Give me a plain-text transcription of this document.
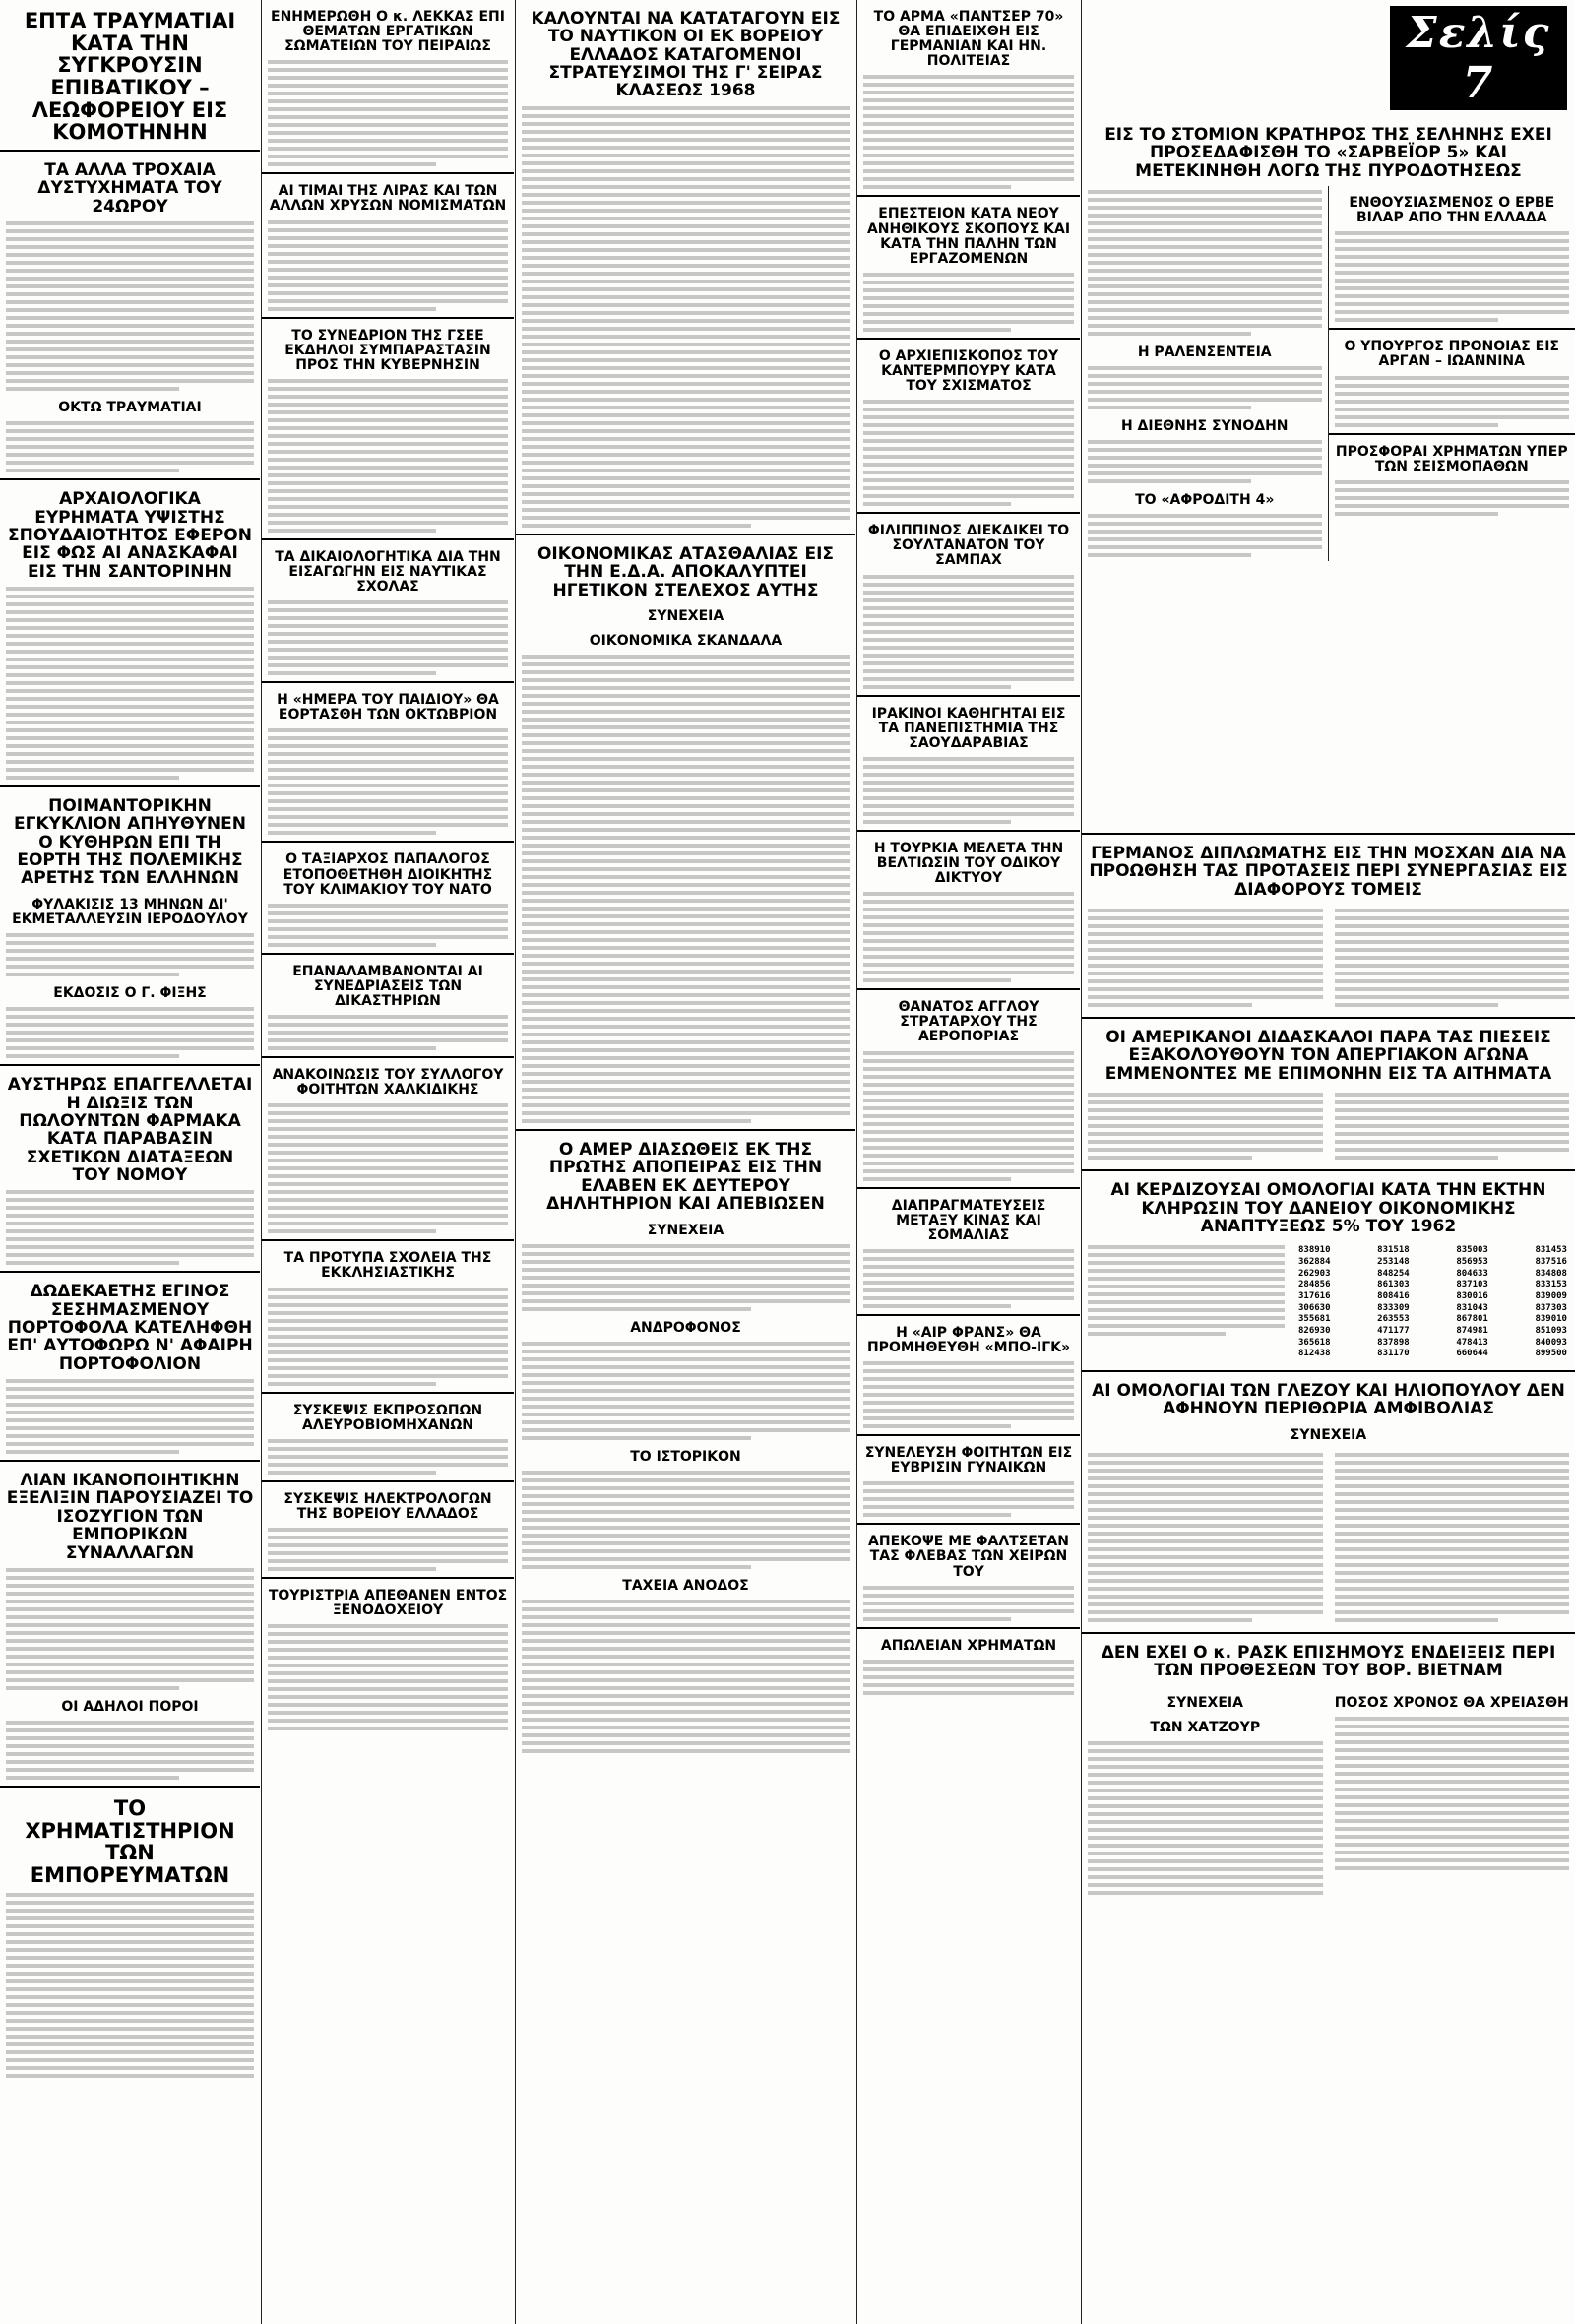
ΕΠΤΑ ΤΡΑΥΜΑΤΙΑΙ ΚΑΤΑ ΤΗΝ ΣΥΓΚΡΟΥΣΙΝ ΕΠΙΒΑΤΙΚΟΥ – ΛΕΩΦΟΡΕΙΟΥ ΕΙΣ ΚΟΜΟΤΗΝΗΝ
ΤΑ ΑΛΛΑ ΤΡΟΧΑΙΑ ΔΥΣΤΥΧΗΜΑΤΑ ΤΟΥ 24ΩΡΟΥ
ΟΚΤΩ ΤΡΑΥΜΑΤΙΑΙ
ΑΡΧΑΙΟΛΟΓΙΚΑ ΕΥΡΗΜΑΤΑ ΥΨΙΣΤΗΣ ΣΠΟΥΔΑΙΟΤΗΤΟΣ ΕΦΕΡΟΝ ΕΙΣ ΦΩΣ ΑΙ ΑΝΑΣΚΑΦΑΙ ΕΙΣ ΤΗΝ ΣΑΝΤΟΡΙΝΗΝ
ΠΟΙΜΑΝΤΟΡΙΚΗΝ ΕΓΚΥΚΛΙΟΝ ΑΠΗΥΘΥΝΕΝ Ο ΚΥΘΗΡΩΝ ΕΠΙ ΤΗ ΕΟΡΤΗ ΤΗΣ ΠΟΛΕΜΙΚΗΣ ΑΡΕΤΗΣ ΤΩΝ ΕΛΛΗΝΩΝ
ΦΥΛΑΚΙΣΙΣ 13 ΜΗΝΩΝ ΔΙ' ΕΚΜΕΤΑΛΛΕΥΣΙΝ ΙΕΡΟΔΟΥΛΟΥ
ΕΚΔΟΣΙΣ Ο Γ. ΦΙΞΗΣ
ΑΥΣΤΗΡΩΣ ΕΠΑΓΓΕΛΛΕΤΑΙ Η ΔΙΩΞΙΣ ΤΩΝ ΠΩΛΟΥΝΤΩΝ ΦΑΡΜΑΚΑ ΚΑΤΑ ΠΑΡΑΒΑΣΙΝ ΣΧΕΤΙΚΩΝ ΔΙΑΤΑΞΕΩΝ ΤΟΥ ΝΟΜΟΥ
ΔΩΔΕΚΑΕΤΗΣ ΕΓΙΝΟΣ ΣΕΣΗΜΑΣΜΕΝΟΥ ΠΟΡΤΟΦΟΛΑ ΚΑΤΕΛΗΦΘΗ ΕΠ' ΑΥΤΟΦΩΡΩ Ν' ΑΦΑΙΡΗ ΠΟΡΤΟΦΟΛΙΟΝ
ΛΙΑΝ ΙΚΑΝΟΠΟΙΗΤΙΚΗΝ ΕΞΕΛΙΞΙΝ ΠΑΡΟΥΣΙΑΖΕΙ ΤΟ ΙΣΟΖΥΓΙΟΝ ΤΩΝ ΕΜΠΟΡΙΚΩΝ ΣΥΝΑΛΛΑΓΩΝ
ΟΙ ΑΔΗΛΟΙ ΠΟΡΟΙ
ΤΟ ΧΡΗΜΑΤΙΣΤΗΡΙΟΝ ΤΩΝ ΕΜΠΟΡΕΥΜΑΤΩΝ
ΕΝΗΜΕΡΩΘΗ Ο κ. ΛΕΚΚΑΣ ΕΠΙ ΘΕΜΑΤΩΝ ΕΡΓΑΤΙΚΩΝ ΣΩΜΑΤΕΙΩΝ ΤΟΥ ΠΕΙΡΑΙΩΣ
ΑΙ ΤΙΜΑΙ ΤΗΣ ΛΙΡΑΣ ΚΑΙ ΤΩΝ ΑΛΛΩΝ ΧΡΥΣΩΝ ΝΟΜΙΣΜΑΤΩΝ
ΤΟ ΣΥΝΕΔΡΙΟΝ ΤΗΣ ΓΣΕΕ ΕΚΔΗΛΟΙ ΣΥΜΠΑΡΑΣΤΑΣΙΝ ΠΡΟΣ ΤΗΝ ΚΥΒΕΡΝΗΣΙΝ
ΤΑ ΔΙΚΑΙΟΛΟΓΗΤΙΚΑ ΔΙΑ ΤΗΝ ΕΙΣΑΓΩΓΗΝ ΕΙΣ ΝΑΥΤΙΚΑΣ ΣΧΟΛΑΣ
Η «ΗΜΕΡΑ ΤΟΥ ΠΑΙΔΙΟΥ» ΘΑ ΕΟΡΤΑΣΘΗ ΤΩΝ ΟΚΤΩΒΡΙΟΝ
Ο ΤΑΞΙΑΡΧΟΣ ΠΑΠΑΛΟΓΟΣ ΕΤΟΠΟΘΕΤΗΘΗ ΔΙΟΙΚΗΤΗΣ ΤΟΥ ΚΛΙΜΑΚΙΟΥ ΤΟΥ ΝΑΤΟ
ΕΠΑΝΑΛΑΜΒΑΝΟΝΤΑΙ ΑΙ ΣΥΝΕΔΡΙΑΣΕΙΣ ΤΩΝ ΔΙΚΑΣΤΗΡΙΩΝ
ΑΝΑΚΟΙΝΩΣΙΣ ΤΟΥ ΣΥΛΛΟΓΟΥ ΦΟΙΤΗΤΩΝ ΧΑΛΚΙΔΙΚΗΣ
ΤΑ ΠΡΟΤΥΠΑ ΣΧΟΛΕΙΑ ΤΗΣ ΕΚΚΛΗΣΙΑΣΤΙΚΗΣ
ΣΥΣΚΕΨΙΣ ΕΚΠΡΟΣΩΠΩΝ ΑΛΕΥΡΟΒΙΟΜΗΧΑΝΩΝ
ΣΥΣΚΕΨΙΣ ΗΛΕΚΤΡΟΛΟΓΩΝ ΤΗΣ ΒΟΡΕΙΟΥ ΕΛΛΑΔΟΣ
ΤΟΥΡΙΣΤΡΙΑ ΑΠΕΘΑΝΕΝ ΕΝΤΟΣ ΞΕΝΟΔΟΧΕΙΟΥ
ΚΑΛΟΥΝΤΑΙ ΝΑ ΚΑΤΑΤΑΓΟΥΝ ΕΙΣ ΤΟ ΝΑΥΤΙΚΟΝ ΟΙ ΕΚ ΒΟΡΕΙΟΥ ΕΛΛΑΔΟΣ ΚΑΤΑΓΟΜΕΝΟΙ ΣΤΡΑΤΕΥΣΙΜΟΙ ΤΗΣ Γ' ΣΕΙΡΑΣ ΚΛΑΣΕΩΣ 1968
ΟΙΚΟΝΟΜΙΚΑΣ ΑΤΑΣΘΑΛΙΑΣ ΕΙΣ ΤΗΝ Ε.Δ.Α. ΑΠΟΚΑΛΥΠΤΕΙ ΗΓΕΤΙΚΟΝ ΣΤΕΛΕΧΟΣ ΑΥΤΗΣ
ΣΥΝΕΧΕΙΑ
ΟΙΚΟΝΟΜΙΚΑ ΣΚΑΝΔΑΛΑ
Ο ΑΜΕΡ ΔΙΑΣΩΘΕΙΣ ΕΚ ΤΗΣ ΠΡΩΤΗΣ ΑΠΟΠΕΙΡΑΣ ΕΙΣ ΤΗΝ ΕΛΑΒΕΝ ΕΚ ΔΕΥΤΕΡΟΥ ΔΗΛΗΤΗΡΙΟΝ ΚΑΙ ΑΠΕΒΙΩΣΕΝ
ΣΥΝΕΧΕΙΑ
ΑΝΔΡΟΦΟΝΟΣ
ΤΟ ΙΣΤΟΡΙΚΟΝ
ΤΑΧΕΙΑ ΑΝΟΔΟΣ
ΤΟ ΑΡΜΑ «ΠΑΝΤΣΕΡ 70» ΘΑ ΕΠΙΔΕΙΧΘΗ ΕΙΣ ΓΕΡΜΑΝΙΑΝ ΚΑΙ ΗΝ. ΠΟΛΙΤΕΙΑΣ
ΕΠΕΣΤΕΙΟΝ ΚΑΤΑ ΝΕΟΥ ΑΝΗΘΙΚΟΥΣ ΣΚΟΠΟΥΣ ΚΑΙ ΚΑΤΑ ΤΗΝ ΠΑΛΗΝ ΤΩΝ ΕΡΓΑΖΟΜΕΝΩΝ
Ο ΑΡΧΙΕΠΙΣΚΟΠΟΣ ΤΟΥ ΚΑΝΤΕΡΜΠΟΥΡΥ ΚΑΤΑ ΤΟΥ ΣΧΙΣΜΑΤΟΣ
ΦΙΛΙΠΠΙΝΟΣ ΔΙΕΚΔΙΚΕΙ ΤΟ ΣΟΥΛΤΑΝΑΤΟΝ ΤΟΥ ΣΑΜΠΑΧ
ΙΡΑΚΙΝΟΙ ΚΑΘΗΓΗΤΑΙ ΕΙΣ ΤΑ ΠΑΝΕΠΙΣΤΗΜΙΑ ΤΗΣ ΣΑΟΥΔΑΡΑΒΙΑΣ
Η ΤΟΥΡΚΙΑ ΜΕΛΕΤΑ ΤΗΝ ΒΕΛΤΙΩΣΙΝ ΤΟΥ ΟΔΙΚΟΥ ΔΙΚΤΥΟΥ
ΘΑΝΑΤΟΣ ΑΓΓΛΟΥ ΣΤΡΑΤΑΡΧΟΥ ΤΗΣ ΑΕΡΟΠΟΡΙΑΣ
ΔΙΑΠΡΑΓΜΑΤΕΥΣΕΙΣ ΜΕΤΑΞΥ ΚΙΝΑΣ ΚΑΙ ΣΟΜΑΛΙΑΣ
Η «ΑΙΡ ΦΡΑΝΣ» ΘΑ ΠΡΟΜΗΘΕΥΘΗ «ΜΠΟ-ΙΓΚ»
ΣΥΝΕΛΕΥΣΗ ΦΟΙΤΗΤΩΝ ΕΙΣ ΕΥΒΡΙΣΙΝ ΓΥΝΑΙΚΩΝ
ΑΠΕΚΟΨΕ ΜΕ ΦΑΛΤΣΕΤΑΝ ΤΑΣ ΦΛΕΒΑΣ ΤΩΝ ΧΕΙΡΩΝ ΤΟΥ
ΑΠΩΛΕΙΑΝ ΧΡΗΜΑΤΩΝ
Σελίς 7
ΕΙΣ ΤΟ ΣΤΟΜΙΟΝ ΚΡΑΤΗΡΟΣ ΤΗΣ ΣΕΛΗΝΗΣ ΕΧΕΙ ΠΡΟΣΕΔΑΦΙΣΘΗ ΤΟ «ΣΑΡΒΕΪΟΡ 5» ΚΑΙ ΜΕΤΕΚΙΝΗΘΗ ΛΟΓΩ ΤΗΣ ΠΥΡΟΔΟΤΗΣΕΩΣ
Η ΡΑΛΕΝΣΕΝΤΕΙΑ
Η ΔΙΕΘΝΗΣ ΣΥΝΟΔΗΝ
ΤΟ «ΑΦΡΟΔΙΤΗ 4»
ΕΝΘΟΥΣΙΑΣΜΕΝΟΣ Ο ΕΡΒΕ ΒΙΛΑΡ ΑΠΟ ΤΗΝ ΕΛΛΑΔΑ
Ο ΥΠΟΥΡΓΟΣ ΠΡΟΝΟΙΑΣ ΕΙΣ ΑΡΓΑΝ – ΙΩΑΝΝΙΝΑ
ΠΡΟΣΦΟΡΑΙ ΧΡΗΜΑΤΩΝ ΥΠΕΡ ΤΩΝ ΣΕΙΣΜΟΠΑΘΩΝ
ΓΕΡΜΑΝΟΣ ΔΙΠΛΩΜΑΤΗΣ ΕΙΣ ΤΗΝ ΜΟΣΧΑΝ ΔΙΑ ΝΑ ΠΡΟΩΘΗΣΗ ΤΑΣ ΠΡΟΤΑΣΕΙΣ ΠΕΡΙ ΣΥΝΕΡΓΑΣΙΑΣ ΕΙΣ ΔΙΑΦΟΡΟΥΣ ΤΟΜΕΙΣ
ΟΙ ΑΜΕΡΙΚΑΝΟΙ ΔΙΔΑΣΚΑΛΟΙ ΠΑΡΑ ΤΑΣ ΠΙΕΣΕΙΣ ΕΞΑΚΟΛΟΥΘΟΥΝ ΤΟΝ ΑΠΕΡΓΙΑΚΟΝ ΑΓΩΝΑ ΕΜΜΕΝΟΝΤΕΣ ΜΕ ΕΠΙΜΟΝΗΝ ΕΙΣ ΤΑ ΑΙΤΗΜΑΤΑ
ΑΙ ΚΕΡΔΙΖΟΥΣΑΙ ΟΜΟΛΟΓΙΑΙ ΚΑΤΑ ΤΗΝ ΕΚΤΗΝ ΚΛΗΡΩΣΙΝ ΤΟΥ ΔΑΝΕΙΟΥ ΟΙΚΟΝΟΜΙΚΗΣ ΑΝΑΠΤΥΞΕΩΣ 5% ΤΟΥ 1962
838910	831518	835003	831453
362884	253148	856953	837516
262903	848254	804633	834808
284856	861303	837103	833153
317616	808416	830016	839009
306630	833309	831043	837303
355681	263553	867801	839010
826930	471177	874981	851093
365618	837898	478413	840093
812438	831170	660644	899500
ΑΙ ΟΜΟΛΟΓΙΑΙ ΤΩΝ ΓΛΕΖΟΥ ΚΑΙ ΗΛΙΟΠΟΥΛΟΥ ΔΕΝ ΑΦΗΝΟΥΝ ΠΕΡΙΘΩΡΙΑ ΑΜΦΙΒΟΛΙΑΣ
ΣΥΝΕΧΕΙΑ
ΔΕΝ ΕΧΕΙ Ο κ. ΡΑΣΚ ΕΠΙΣΗΜΟΥΣ ΕΝΔΕΙΞΕΙΣ ΠΕΡΙ ΤΩΝ ΠΡΟΘΕΣΕΩΝ ΤΟΥ ΒΟΡ. ΒΙΕΤΝΑΜ
ΣΥΝΕΧΕΙΑ
ΤΩΝ ΧΑΤΖΟΥΡ
ΠΟΣΟΣ ΧΡΟΝΟΣ ΘΑ ΧΡΕΙΑΣΘΗ
